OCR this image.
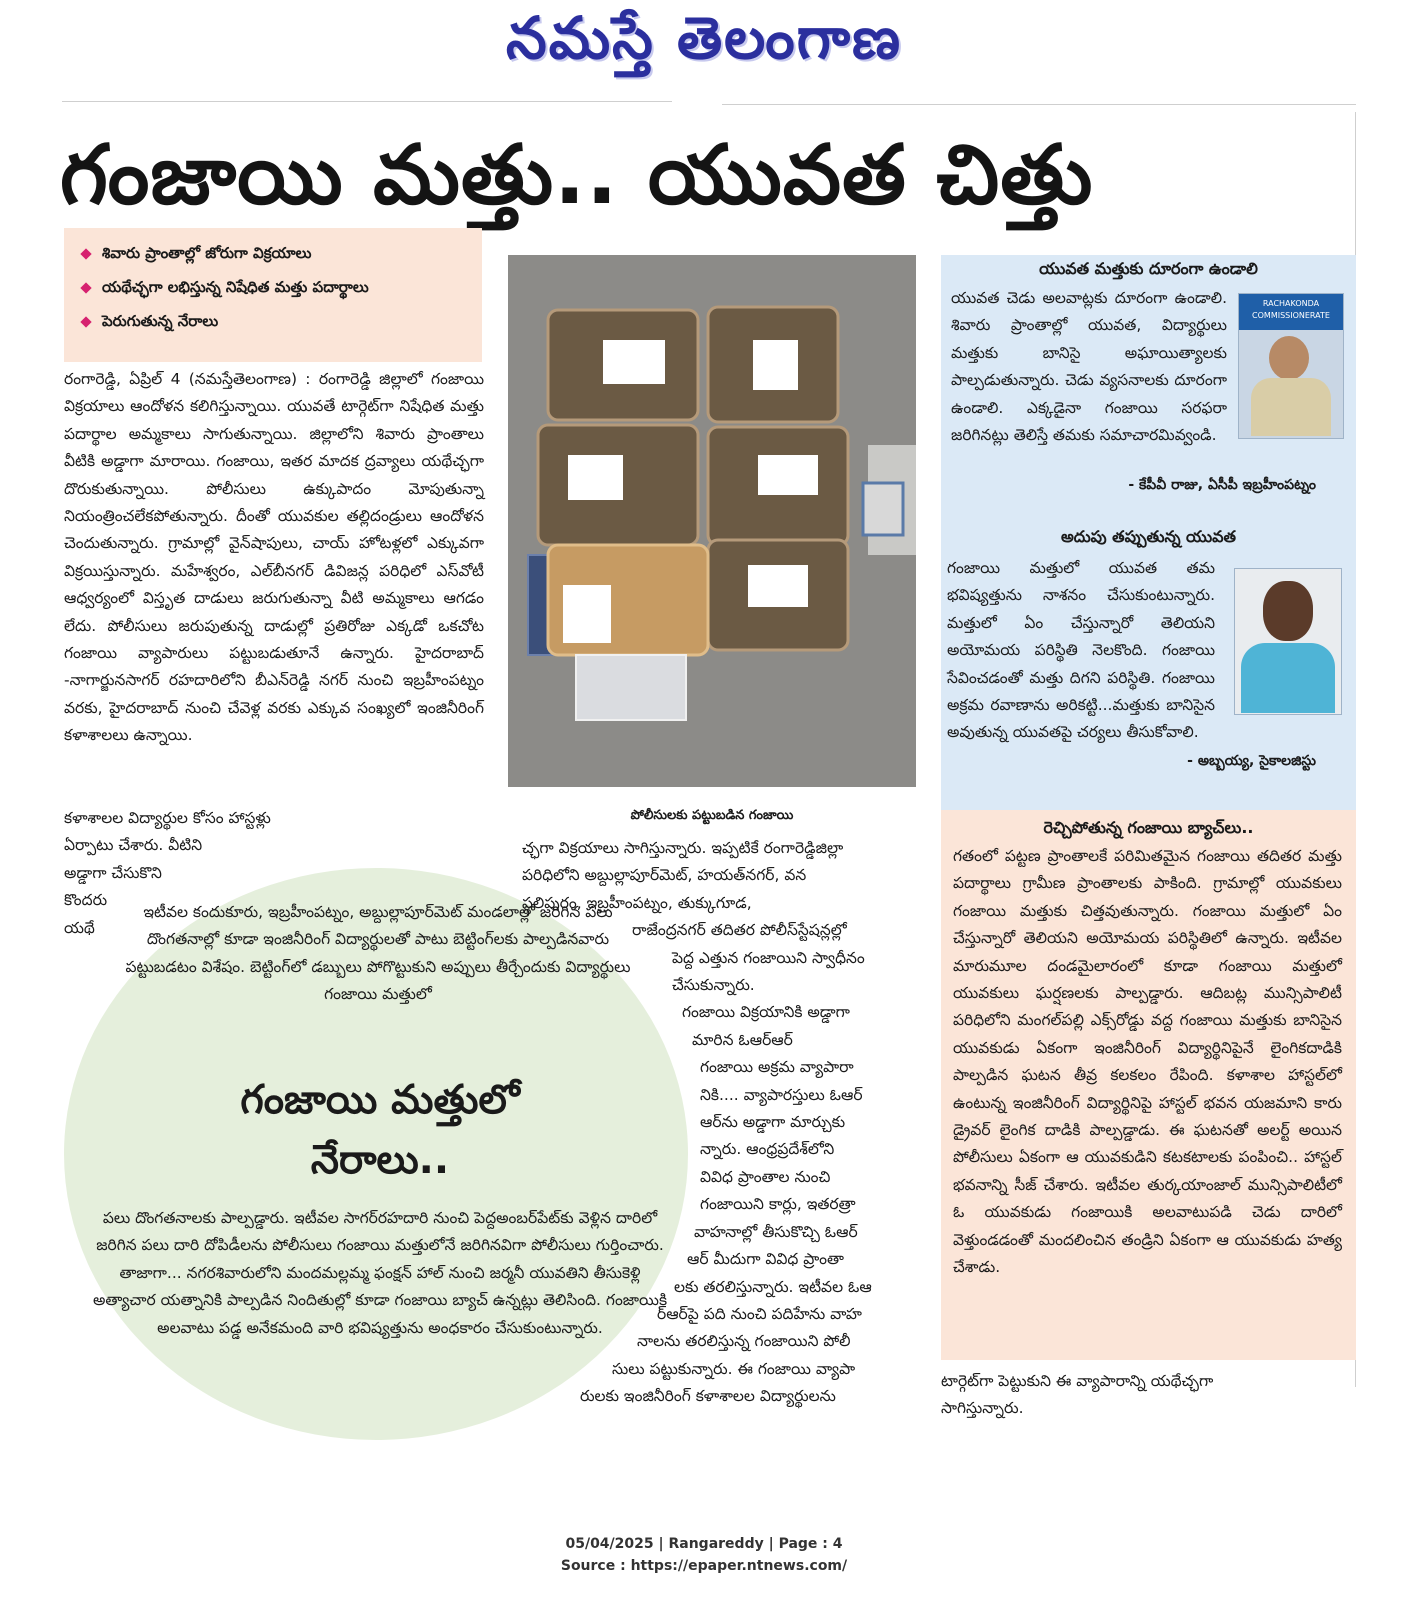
నమస్తే తెలంగాణ
గంజాయి మత్తు.. యువత చిత్తు
శివారు ప్రాంతాల్లో జోరుగా విక్రయాలు
యథేచ్ఛగా లభిస్తున్న నిషేధిత మత్తు పదార్థాలు
పెరుగుతున్న నేరాలు
రంగారెడ్డి, ఏప్రిల్ 4 (నమస్తేతెలంగాణ) : రంగారెడ్డి జిల్లాలో గంజాయి విక్రయాలు ఆందోళన కలిగిస్తున్నాయి. యువతే టార్గెట్‌గా నిషేధిత మత్తు పదార్థాల అమ్మకాలు సాగుతున్నాయి. జిల్లాలోని శివారు ప్రాంతాలు వీటికి అడ్డాగా మారాయి. గంజాయి, ఇతర మాదక ద్రవ్యాలు యథేచ్ఛగా దొరుకుతున్నాయి. పోలీసులు ఉక్కుపాదం మోపుతున్నా నియంత్రించలేకపోతున్నారు. దీంతో యువకుల తల్లిదండ్రులు ఆందోళన చెందుతున్నారు. గ్రామాల్లో వైన్‌షాపులు, చాయ్ హోటళ్లలో ఎక్కువగా విక్రయిస్తున్నారు. మహేశ్వరం, ఎల్‌బీనగర్ డివిజన్ల పరిధిలో ఎస్‌వోటీ ఆధ్వర్యంలో విస్తృత దాడులు జరుగుతున్నా వీటి అమ్మకాలు ఆగడం లేదు. పోలీసులు జరుపుతున్న దాడుల్లో ప్రతిరోజు ఎక్కడో ఒకచోట గంజాయి వ్యాపారులు పట్టుబడుతూనే ఉన్నారు. హైదరాబాద్ -నాగార్జునసాగర్ రహదారిలోని బీఎన్‌రెడ్డి నగర్ నుంచి ఇబ్రహీంపట్నం వరకు, హైదరాబాద్ నుంచి చేవెళ్ల వరకు ఎక్కువ సంఖ్యలో ఇంజినీరింగ్ కళాశాలలు ఉన్నాయి.
కళాశాలల విద్యార్థుల కోసం హాస్టళ్లు
ఏర్పాటు చేశారు. వీటిని
అడ్డాగా చేసుకొని
కొందరు
యథే
ఇటీవల కందుకూరు, ఇబ్రహీంపట్నం, అబ్దుల్లాపూర్‌మెట్ మండలాల్లో జరిగిన పలు దొంగతనాల్లో కూడా ఇంజినీరింగ్ విద్యార్థులతో పాటు బెట్టింగ్‌లకు పాల్పడినవారు పట్టుబడటం విశేషం. బెట్టింగ్‌లో డబ్బులు పోగొట్టుకుని అప్పులు తీర్చేందుకు విద్యార్థులు గంజాయి మత్తులో
గంజాయి మత్తులో
నేరాలు..
పలు దొంగతనాలకు పాల్పడ్డారు. ఇటీవల సాగర్‌రహదారి నుంచి పెద్దఅంబర్‌పేట్‌కు వెళ్లిన దారిలో జరిగిన పలు దారి దోపిడీలను పోలీసులు గంజాయి మత్తులోనే జరిగినవిగా పోలీసులు గుర్తించారు. తాజాగా... నగరశివారులోని మందమల్లమ్మ ఫంక్షన్ హాల్ నుంచి జర్మనీ యువతిని తీసుకెళ్లి అత్యాచార యత్నానికి పాల్పడిన నిందితుల్లో కూడా గంజాయి బ్యాచ్ ఉన్నట్లు తెలిసింది. గంజాయికి అలవాటు పడ్డ అనేకమంది వారి భవిష్యత్తును అంధకారం చేసుకుంటున్నారు.
పోలీసులకు పట్టుబడిన గంజాయి
చ్ఛగా విక్రయాలు సాగిస్తున్నారు. ఇప్పటికే రంగారెడ్డిజిల్లా
పరిధిలోని అబ్దుల్లాపూర్‌మెట్, హయత్‌నగర్, వన
స్థలిపురం, ఇబ్రహీంపట్నం, తుక్కుగూడ,
రాజేంద్రనగర్ తదితర పోలీస్‌స్టేషన్లల్లో
పెద్ద ఎత్తున గంజాయిని స్వాధీనం
చేసుకున్నారు.
గంజాయి విక్రయానికి అడ్డాగా
మారిన ఓఆర్ఆర్
గంజాయి అక్రమ వ్యాపారా
నికి.... వ్యాపారస్తులు ఓఆర్
ఆర్‌ను అడ్డాగా మార్చుకు
న్నారు. ఆంధ్రప్రదేశ్‌లోని
వివిధ ప్రాంతాల నుంచి
గంజాయిని కార్లు, ఇతరత్రా
వాహనాల్లో తీసుకొచ్చి ఓఆర్
ఆర్ మీదుగా వివిధ ప్రాంతా
లకు తరలిస్తున్నారు. ఇటీవల ఓఆ
ర్ఆర్‌పై పది నుంచి పదిహేను వాహ
నాలను తరలిస్తున్న గంజాయిని పోలీ
సులు పట్టుకున్నారు. ఈ గంజాయి వ్యాపా
రులకు ఇంజినీరింగ్ కళాశాలల విద్యార్థులను
యువత మత్తుకు దూరంగా ఉండాలి
RACHAKONDA COMMISSIONERATE
యువత చెడు అలవాట్లకు దూరంగా ఉండాలి. శివారు ప్రాంతాల్లో యువత, విద్యార్థులు మత్తుకు బానిసై అఘాయిత్యాలకు పాల్పడుతున్నారు. చెడు వ్యసనాలకు దూరంగా ఉండాలి. ఎక్కడైనా గంజాయి సరఫరా జరిగినట్లు తెలిస్తే తమకు సమాచారమివ్వండి.
- కేపీవీ రాజు, ఏసీపీ ఇబ్రహీంపట్నం
అదుపు తప్పుతున్న యువత
గంజాయి మత్తులో యువత తమ భవిష్యత్తును నాశనం చేసుకుంటున్నారు. మత్తులో ఏం చేస్తున్నారో తెలియని అయోమయ పరిస్థితి నెలకొంది. గంజాయి సేవించడంతో మత్తు దిగని పరిస్థితి. గంజాయి అక్రమ రవాణాను అరికట్టి...మత్తుకు బానిసైన అవుతున్న యువతపై చర్యలు తీసుకోవాలి.
- అబ్బయ్య, సైకాలజిస్టు
రెచ్చిపోతున్న గంజాయి బ్యాచ్‌లు..
గతంలో పట్టణ ప్రాంతాలకే పరిమితమైన గంజాయి తదితర మత్తు పదార్థాలు గ్రామీణ ప్రాంతాలకు పాకింది. గ్రామాల్లో యువకులు గంజాయి మత్తుకు చిత్తవుతున్నారు. గంజాయి మత్తులో ఏం చేస్తున్నారో తెలియని అయోమయ పరిస్థితిలో ఉన్నారు. ఇటీవల మారుమూల దండమైలారంలో కూడా గంజాయి మత్తులో యువకులు ఘర్షణలకు పాల్పడ్డారు. ఆదిబట్ల మున్సిపాలిటీ పరిధిలోని మంగల్‌పల్లి ఎక్స్‌రోడ్డు వద్ద గంజాయి మత్తుకు బానిసైన యువకుడు ఏకంగా ఇంజినీరింగ్ విద్యార్థినిపైనే లైంగికదాడికి పాల్పడిన ఘటన తీవ్ర కలకలం రేపింది. కళాశాల హాస్టల్‌లో ఉంటున్న ఇంజినీరింగ్ విద్యార్థినిపై హాస్టల్ భవన యజమాని కారు డ్రైవర్ లైంగిక దాడికి పాల్పడ్డాడు. ఈ ఘటనతో అలర్ట్ అయిన పోలీసులు ఏకంగా ఆ యువకుడిని కటకటాలకు పంపించి.. హాస్టల్ భవనాన్ని సీజ్ చేశారు. ఇటీవల తుర్కయాంజాల్ మున్సిపాలిటీలో ఓ యువకుడు గంజాయికి అలవాటుపడి చెడు దారిలో వెళ్తుండడంతో మందలించిన తండ్రిని ఏకంగా ఆ యువకుడు హత్య చేశాడు.
టార్గెట్‌గా పెట్టుకుని ఈ వ్యాపారాన్ని యథేచ్ఛగా
సాగిస్తున్నారు.
05/04/2025 | Rangareddy | Page : 4
Source : https://epaper.ntnews.com/
